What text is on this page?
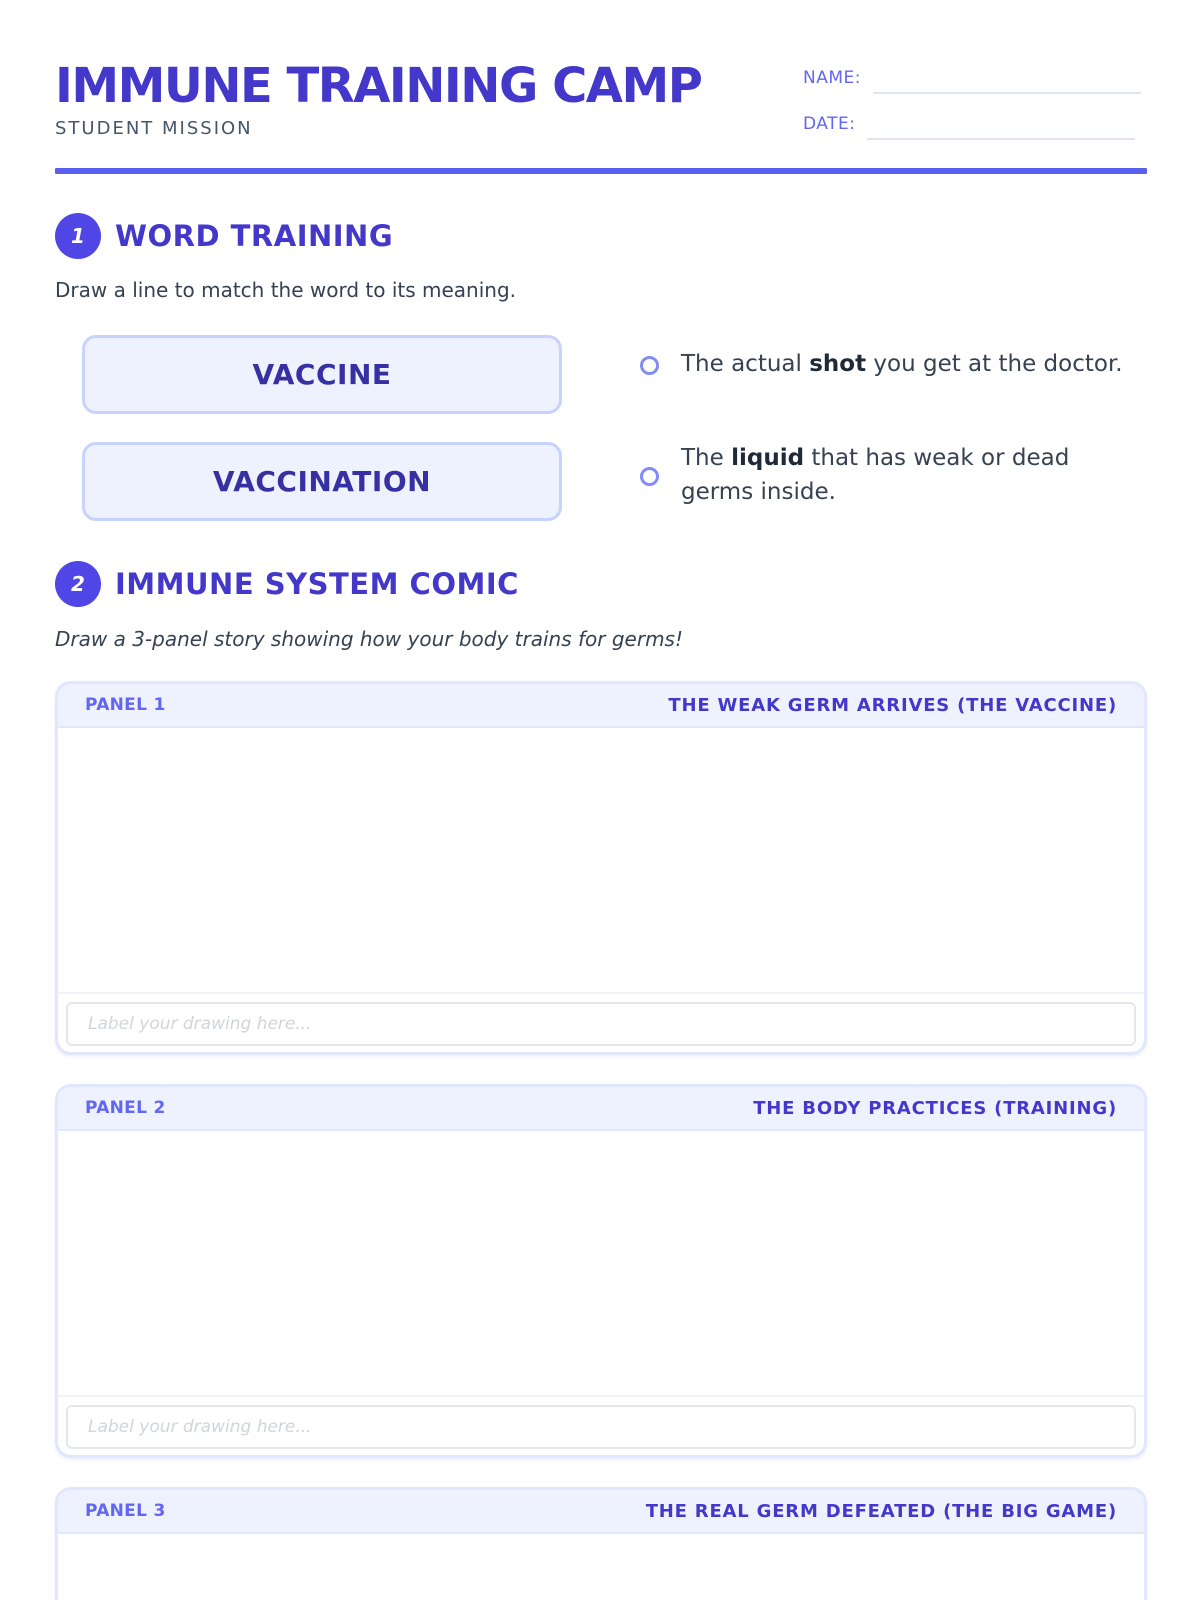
IMMUNE TRAINING CAMP
STUDENT MISSION
NAME:
DATE:
1	WORD TRAINING
Draw a line to match the word to its meaning.
VACCINE
VACCINATION
The actual shot you get at the doctor.
The liquid that has weak or dead germs inside.
2	IMMUNE SYSTEM COMIC
Draw a 3-panel story showing how your body trains for germs!
PANEL 1	THE WEAK GERM ARRIVES (THE VACCINE)
Label your drawing here...
PANEL 2	THE BODY PRACTICES (TRAINING)
Label your drawing here...
PANEL 3	THE REAL GERM DEFEATED (THE BIG GAME)
